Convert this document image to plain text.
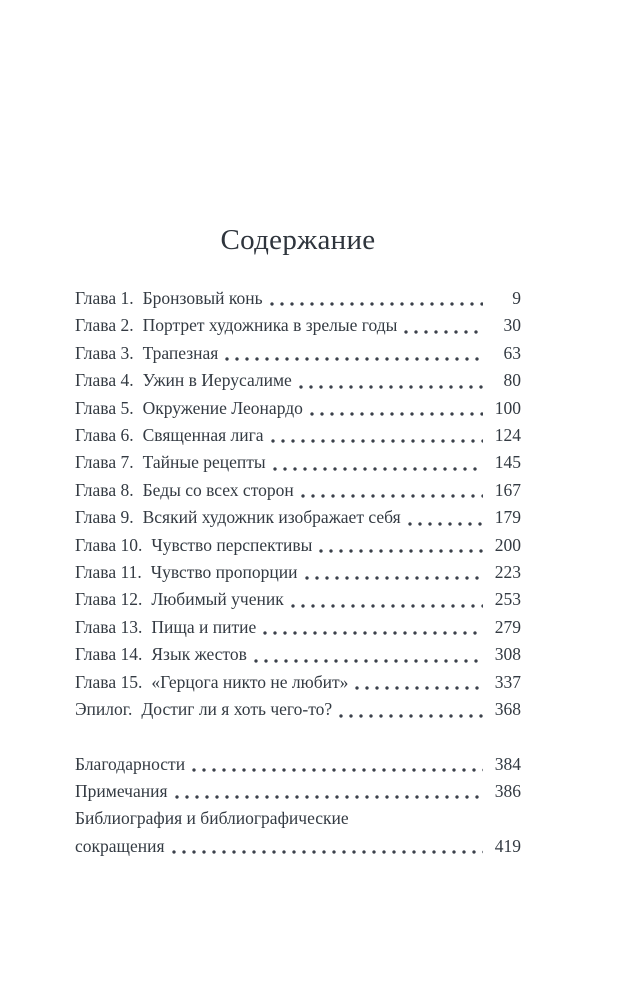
Содержание
Глава 1. Бронзовый конь	9
Глава 2. Портрет художника в зрелые годы	30
Глава 3. Трапезная	63
Глава 4. Ужин в Иерусалиме	80
Глава 5. Окружение Леонардо	100
Глава 6. Священная лига	124
Глава 7. Тайные рецепты	145
Глава 8. Беды со всех сторон	167
Глава 9. Всякий художник изображает себя	179
Глава 10. Чувство перспективы	200
Глава 11. Чувство пропорции	223
Глава 12. Любимый ученик	253
Глава 13. Пища и питие	279
Глава 14. Язык жестов	308
Глава 15. «Герцога никто не любит»	337
Эпилог. Достиг ли я хоть чего-то?	368
Благодарности	384
Примечания	386
Библиография и библиографические
сокращения	419
